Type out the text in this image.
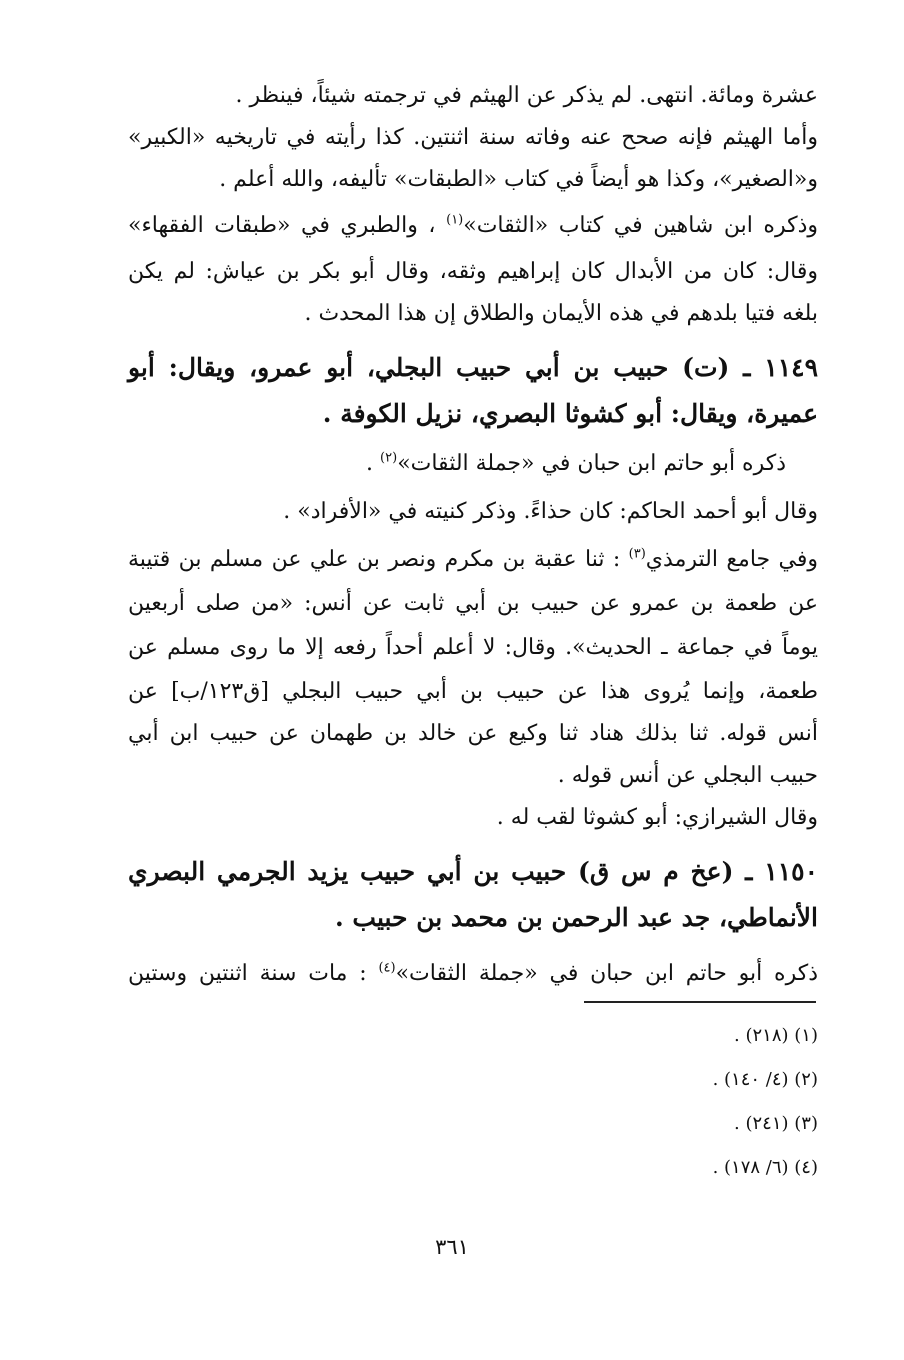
عشرة ومائة. انتهى. لم يذكر عن الهيثم في ترجمته شيئاً، فينظر .
وأما الهيثم فإنه صحح عنه وفاته سنة اثنتين. كذا رأيته في تاريخيه «الكبير»
و«الصغير»، وكذا هو أيضاً في كتاب «الطبقات» تأليفه، والله أعلم .
وذكره ابن شاهين في كتاب «الثقات»$^{(١)}$ ، والطبري في «طبقات الفقهاء»
وقال: كان من الأبدال كان إبراهيم وثقه، وقال أبو بكر بن عياش: لم يكن
بلغه فتيا بلدهم في هذه الأيمان والطلاق إن هذا المحدث .
١١٤٩ ـ (ت) حبيب بن أبي حبيب البجلي، أبو عمرو، ويقال: أبو
عميرة، ويقال: أبو كشوثا البصري، نزيل الكوفة .
ذكره أبو حاتم ابن حبان في «جملة الثقات»$^{(٢)}$ .
وقال أبو أحمد الحاكم: كان حذاءً. وذكر كنيته في «الأفراد» .
وفي جامع الترمذي$^{(٣)}$ : ثنا عقبة بن مكرم ونصر بن علي عن مسلم بن قتيبة
عن طعمة بن عمرو عن حبيب بن أبي ثابت عن أنس: «من صلى أربعين
يوماً في جماعة ـ الحديث». وقال: لا أعلم أحداً رفعه إلا ما روى مسلم عن
طعمة، وإنما يُروى هذا عن حبيب بن أبي حبيب البجلي [ق١٢٣/ب] عن
أنس قوله. ثنا بذلك هناد ثنا وكيع عن خالد بن طهمان عن حبيب ابن أبي
حبيب البجلي عن أنس قوله .
وقال الشيرازي: أبو كشوثا لقب له .
١١٥٠ ـ (عخ م س ق) حبيب بن أبي حبيب يزيد الجرمي البصري
الأنماطي، جد عبد الرحمن بن محمد بن حبيب .
ذكره أبو حاتم ابن حبان في «جملة الثقات»$^{(٤)}$ : مات سنة اثنتين وستين
(١) (٢١٨) .
(٢) (٤/ ١٤٠) .
(٣) (٢٤١) .
(٤) (٦/ ١٧٨) .
٣٦١
